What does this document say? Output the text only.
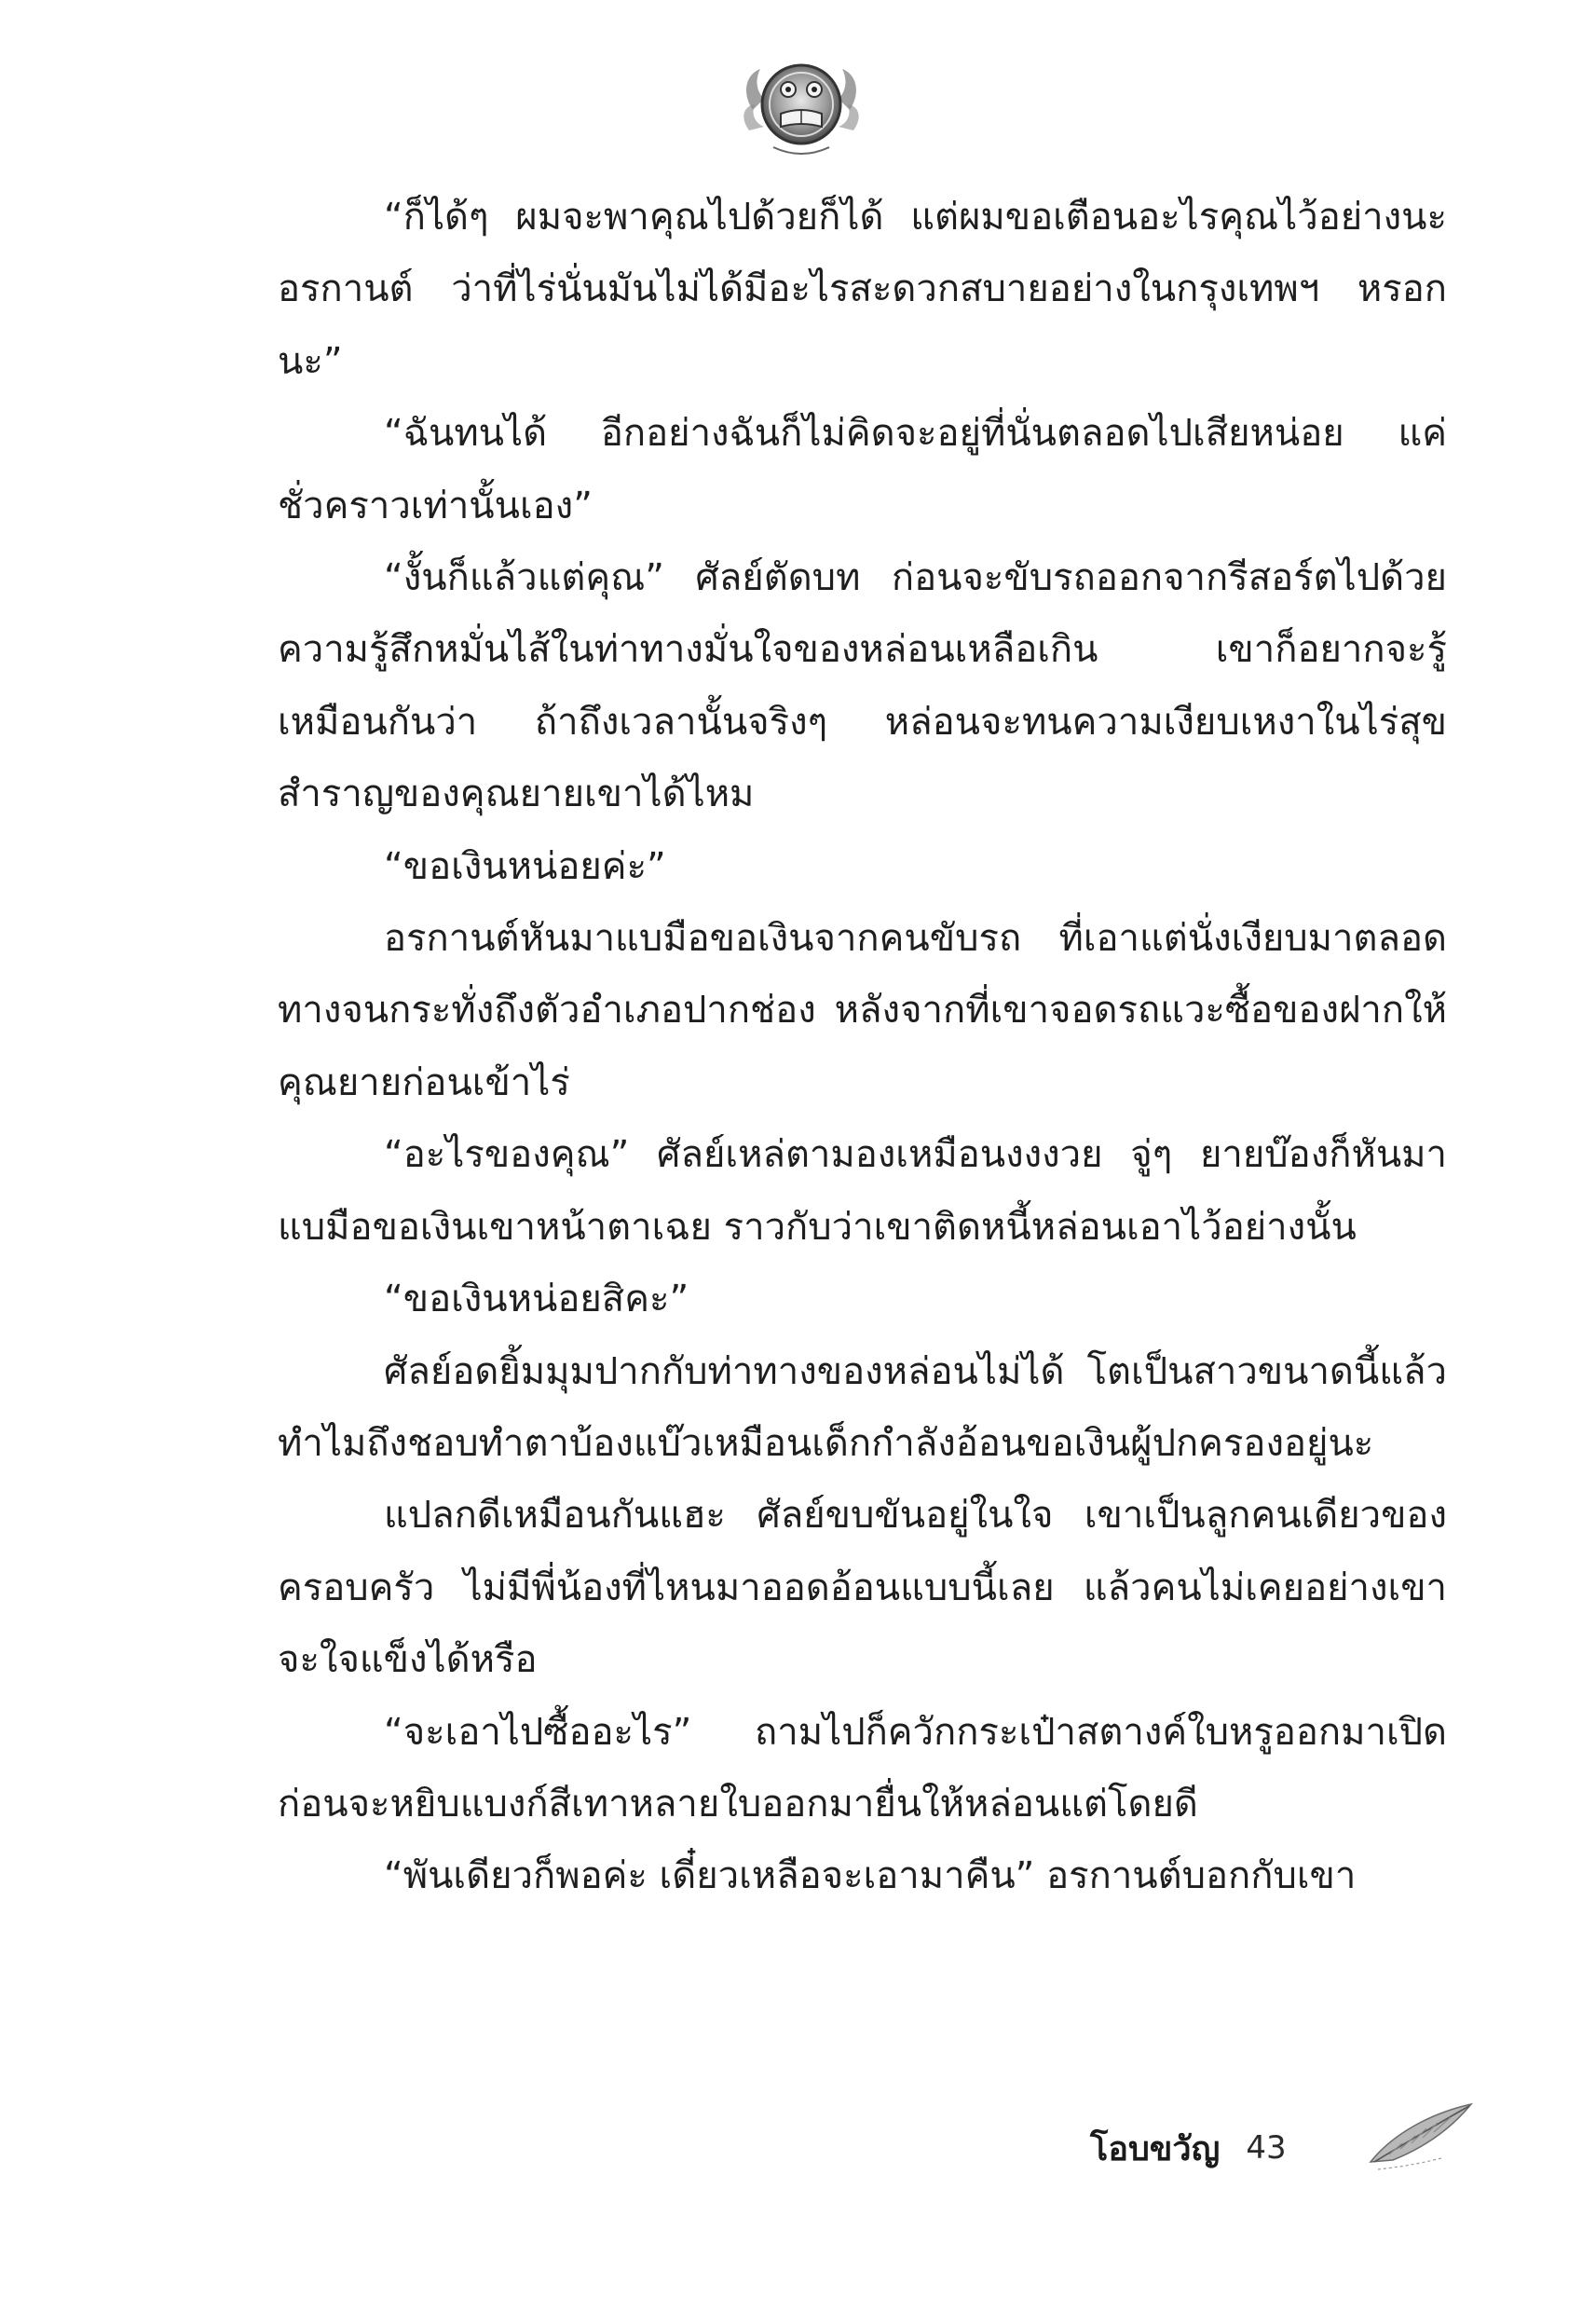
“ก็ได้ๆ ผมจะพาคุณไปด้วยก็ได้ แต่ผมขอเตือนอะไรคุณไว้อย่างนะอรกานต์ ว่าที่ไร่นั่นมันไม่ได้มีอะไรสะดวกสบายอย่างในกรุงเทพฯ หรอกนะ”

“ฉันทนได้ อีกอย่างฉันก็ไม่คิดจะอยู่ที่นั่นตลอดไปเสียหน่อย แค่ชั่วคราวเท่านั้นเอง”

“งั้นก็แล้วแต่คุณ” ศัลย์ตัดบท ก่อนจะขับรถออกจากรีสอร์ตไปด้วยความรู้สึกหมั่นไส้ในท่าทางมั่นใจของหล่อนเหลือเกิน เขาก็อยากจะรู้เหมือนกันว่า ถ้าถึงเวลานั้นจริงๆ หล่อนจะทนความเงียบเหงาในไร่สุขสำราญของคุณยายเขาได้ไหม

“ขอเงินหน่อยค่ะ”

อรกานต์หันมาแบมือขอเงินจากคนขับรถ ที่เอาแต่นั่งเงียบมาตลอดทางจนกระทั่งถึงตัวอำเภอปากช่อง หลังจากที่เขาจอดรถแวะซื้อของฝากให้คุณยายก่อนเข้าไร่

“อะไรของคุณ” ศัลย์เหล่ตามองเหมือนงงงวย จู่ๆ ยายบ๊องก็หันมาแบมือขอเงินเขาหน้าตาเฉย ราวกับว่าเขาติดหนี้หล่อนเอาไว้อย่างนั้น

“ขอเงินหน่อยสิคะ”

ศัลย์อดยิ้มมุมปากกับท่าทางของหล่อนไม่ได้ โตเป็นสาวขนาดนี้แล้วทำไมถึงชอบทำตาบ้องแบ๊วเหมือนเด็กกำลังอ้อนขอเงินผู้ปกครองอยู่นะ

แปลกดีเหมือนกันแฮะ ศัลย์ขบขันอยู่ในใจ เขาเป็นลูกคนเดียวของครอบครัว ไม่มีพี่น้องที่ไหนมาออดอ้อนแบบนี้เลย แล้วคนไม่เคยอย่างเขาจะใจแข็งได้หรือ

“จะเอาไปซื้ออะไร” ถามไปก็ควักกระเป๋าสตางค์ใบหรูออกมาเปิดก่อนจะหยิบแบงก์สีเทาหลายใบออกมายื่นให้หล่อนแต่โดยดี

“พันเดียวก็พอค่ะ เดี๋ยวเหลือจะเอามาคืน” อรกานต์บอกกับเขา

โอบขวัญ 43
